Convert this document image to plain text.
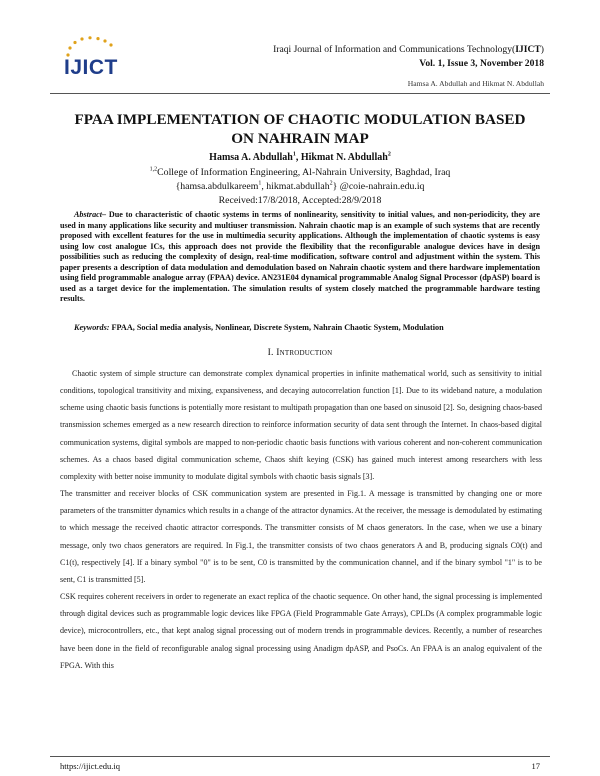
IJICT
Iraqi Journal of Information and Communications Technology(IJICT)
Vol. 1, Issue 3, November 2018
Hamsa A. Abdullah and Hikmat N. Abdullah
FPAA IMPLEMENTATION OF CHAOTIC MODULATION BASED
ON NAHRAIN MAP
Hamsa A. Abdullah$^1$, Hikmat N. Abdullah$^2$
$^{1,2}$College of Information Engineering, Al-Nahrain University, Baghdad, Iraq
{hamsa.abdulkareem$^1$, hikmat.abdullah$^2$} @coie-nahrain.edu.iq
Received:17/8/2018, Accepted:28/9/2018
Abstract– Due to characteristic of chaotic systems in terms of nonlinearity, sensitivity to initial values, and non-periodicity, they are used in many applications like security and multiuser transmission. Nahrain chaotic map is an example of such systems that are recently proposed with excellent features for the use in multimedia security applications. Although the implementation of chaotic systems is easy using low cost analogue ICs, this approach does not provide the flexibility that the reconfigurable analogue devices have in design possibilities such as reducing the complexity of design, real-time modification, software control and adjustment within the system. This paper presents a description of data modulation and demodulation based on Nahrain chaotic system and there hardware implementation using field programmable analogue array (FPAA) device. AN231E04 dynamical programmable Analog Signal Processor (dpASP) board is used as a target device for the implementation. The simulation results of system closely matched the programmable hardware testing results.
Keywords: FPAA, Social media analysis, Nonlinear, Discrete System, Nahrain Chaotic System, Modulation
I. Introduction

Chaotic system of simple structure can demonstrate complex dynamical properties in infinite mathematical world, such as sensitivity to initial conditions, topological transitivity and mixing, expansiveness, and decaying autocorrelation function [1]. Due to its wideband nature, a modulation scheme using chaotic basis functions is potentially more resistant to multipath propagation than one based on sinusoid [2]. So, designing chaos-based transmission schemes emerged as a new research direction to reinforce information security of data sent through the Internet. In chaos-based digital communication systems, digital symbols are mapped to non-periodic chaotic basis functions with various coherent and non-coherent communication schemes. As a chaos based digital communication scheme, Chaos shift keying (CSK) has gained much interest among researchers with less complexity with better noise immunity to modulate digital symbols with chaotic basis signals [3].

The transmitter and receiver blocks of CSK communication system are presented in Fig.1. A message is transmitted by changing one or more parameters of the transmitter dynamics which results in a change of the attractor dynamics. At the receiver, the message is demodulated by estimating to which message the received chaotic attractor corresponds. The transmitter consists of M chaos generators. In the case, when we use a binary message, only two chaos generators are required. In Fig.1, the transmitter consists of two chaos generators A and B, producing signals C0(t) and C1(t), respectively [4]. If a binary symbol "0" is to be sent, C0 is transmitted by the communication channel, and if the binary symbol "1" is to be sent, C1 is transmitted [5].

CSK requires coherent receivers in order to regenerate an exact replica of the chaotic sequence. On other hand, the signal processing is implemented through digital devices such as programmable logic devices like FPGA (Field Programmable Gate Arrays), CPLDs (A complex programmable logic device), microcontrollers, etc., that kept analog signal processing out of modern trends in programmable devices. Recently, a number of researches have been done in the field of reconfigurable analog signal processing using Anadigm dpASP, and PsoCs. An FPAA is an analog equivalent of the FPGA. With this

https://ijict.edu.iq	17
